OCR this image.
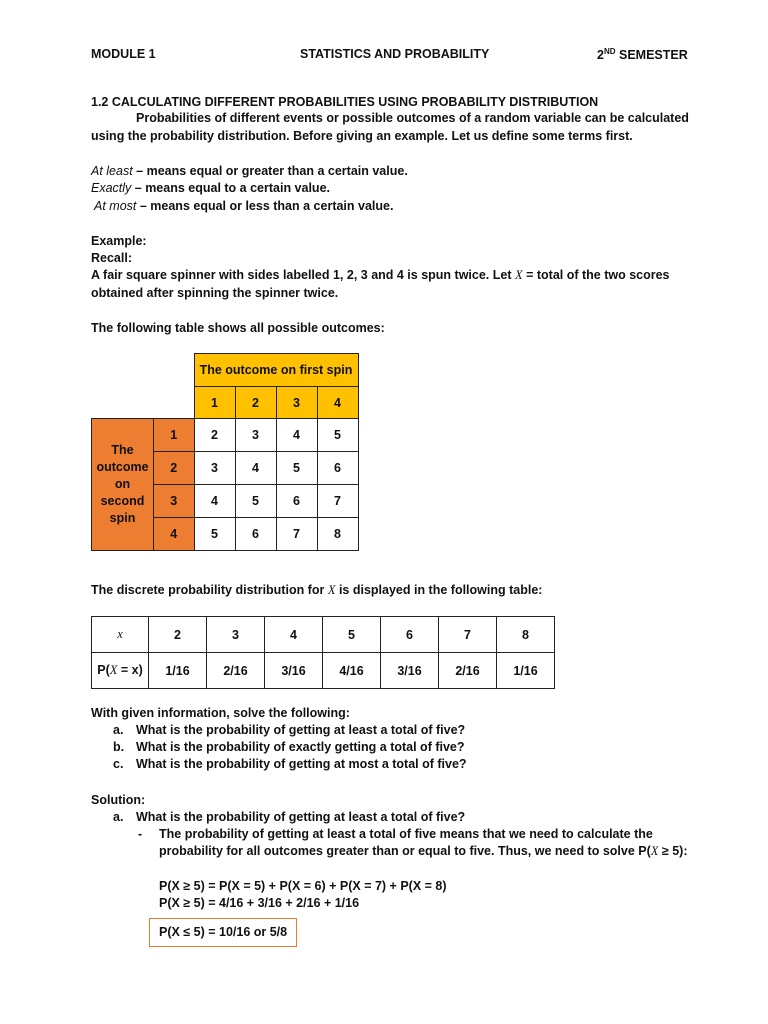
MODULE 1	STATISTICS AND PROBABILITY	2ND SEMESTER
1.2 CALCULATING DIFFERENT PROBABILITIES USING PROBABILITY DISTRIBUTION
Probabilities of different events or possible outcomes of a random variable can be calculated
using the probability distribution. Before giving an example. Let us define some terms first.
At least – means equal or greater than a certain value.
Exactly – means equal to a certain value.
At most – means equal or less than a certain value.
Example:
Recall:
A fair square spinner with sides labelled 1, 2, 3 and 4 is spun twice. Let X = total of the two scores
obtained after spinning the spinner twice.
The following table shows all possible outcomes:
		The outcome on first spin			
		1	2	3	4
The outcome on second spin	1	2	3	4	5
	2	3	4	5	6
	3	4	5	6	7
	4	5	6	7	8
The discrete probability distribution for X is displayed in the following table:
x	2	3	4	5	6	7	8
P(X = x)	1/16	2/16	3/16	4/16	3/16	2/16	1/16
With given information, solve the following:
a. What is the probability of getting at least a total of five?
b. What is the probability of exactly getting a total of five?
c. What is the probability of getting at most a total of five?
Solution:
a. What is the probability of getting at least a total of five?
- The probability of getting at least a total of five means that we need to calculate the
probability for all outcomes greater than or equal to five. Thus, we need to solve P(X ≥ 5):
P(X ≥ 5) = P(X = 5) + P(X = 6) + P(X = 7) + P(X = 8)
P(X ≥ 5) = 4/16 + 3/16 + 2/16 + 1/16
P(X ≤ 5) = 10/16 or 5/8
